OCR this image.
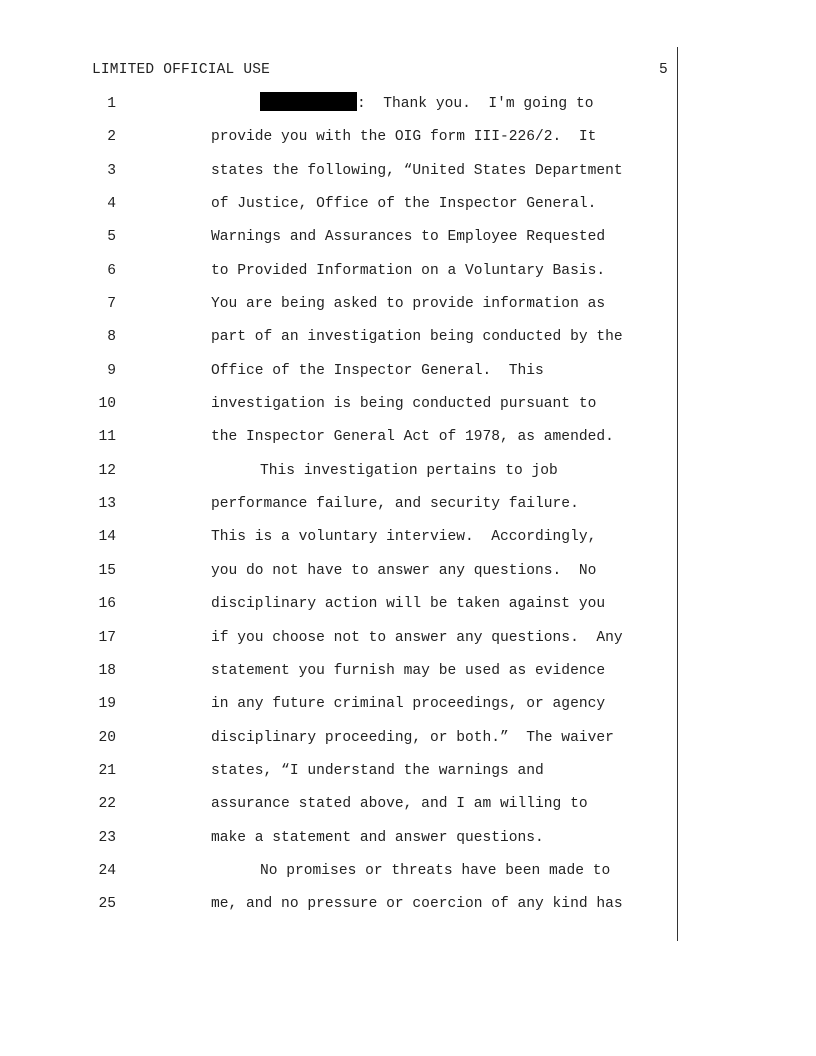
LIMITED OFFICIAL USE	5
1	:  Thank you.  I'm going to
2	provide you with the OIG form III-226/2.  It
3	states the following, “United States Department
4	of Justice, Office of the Inspector General.
5	Warnings and Assurances to Employee Requested
6	to Provided Information on a Voluntary Basis.
7	You are being asked to provide information as
8	part of an investigation being conducted by the
9	Office of the Inspector General.  This
10	investigation is being conducted pursuant to
11	the Inspector General Act of 1978, as amended.
12	This investigation pertains to job
13	performance failure, and security failure.
14	This is a voluntary interview.  Accordingly,
15	you do not have to answer any questions.  No
16	disciplinary action will be taken against you
17	if you choose not to answer any questions.  Any
18	statement you furnish may be used as evidence
19	in any future criminal proceedings, or agency
20	disciplinary proceeding, or both.”  The waiver
21	states, “I understand the warnings and
22	assurance stated above, and I am willing to
23	make a statement and answer questions.
24	No promises or threats have been made to
25	me, and no pressure or coercion of any kind has
